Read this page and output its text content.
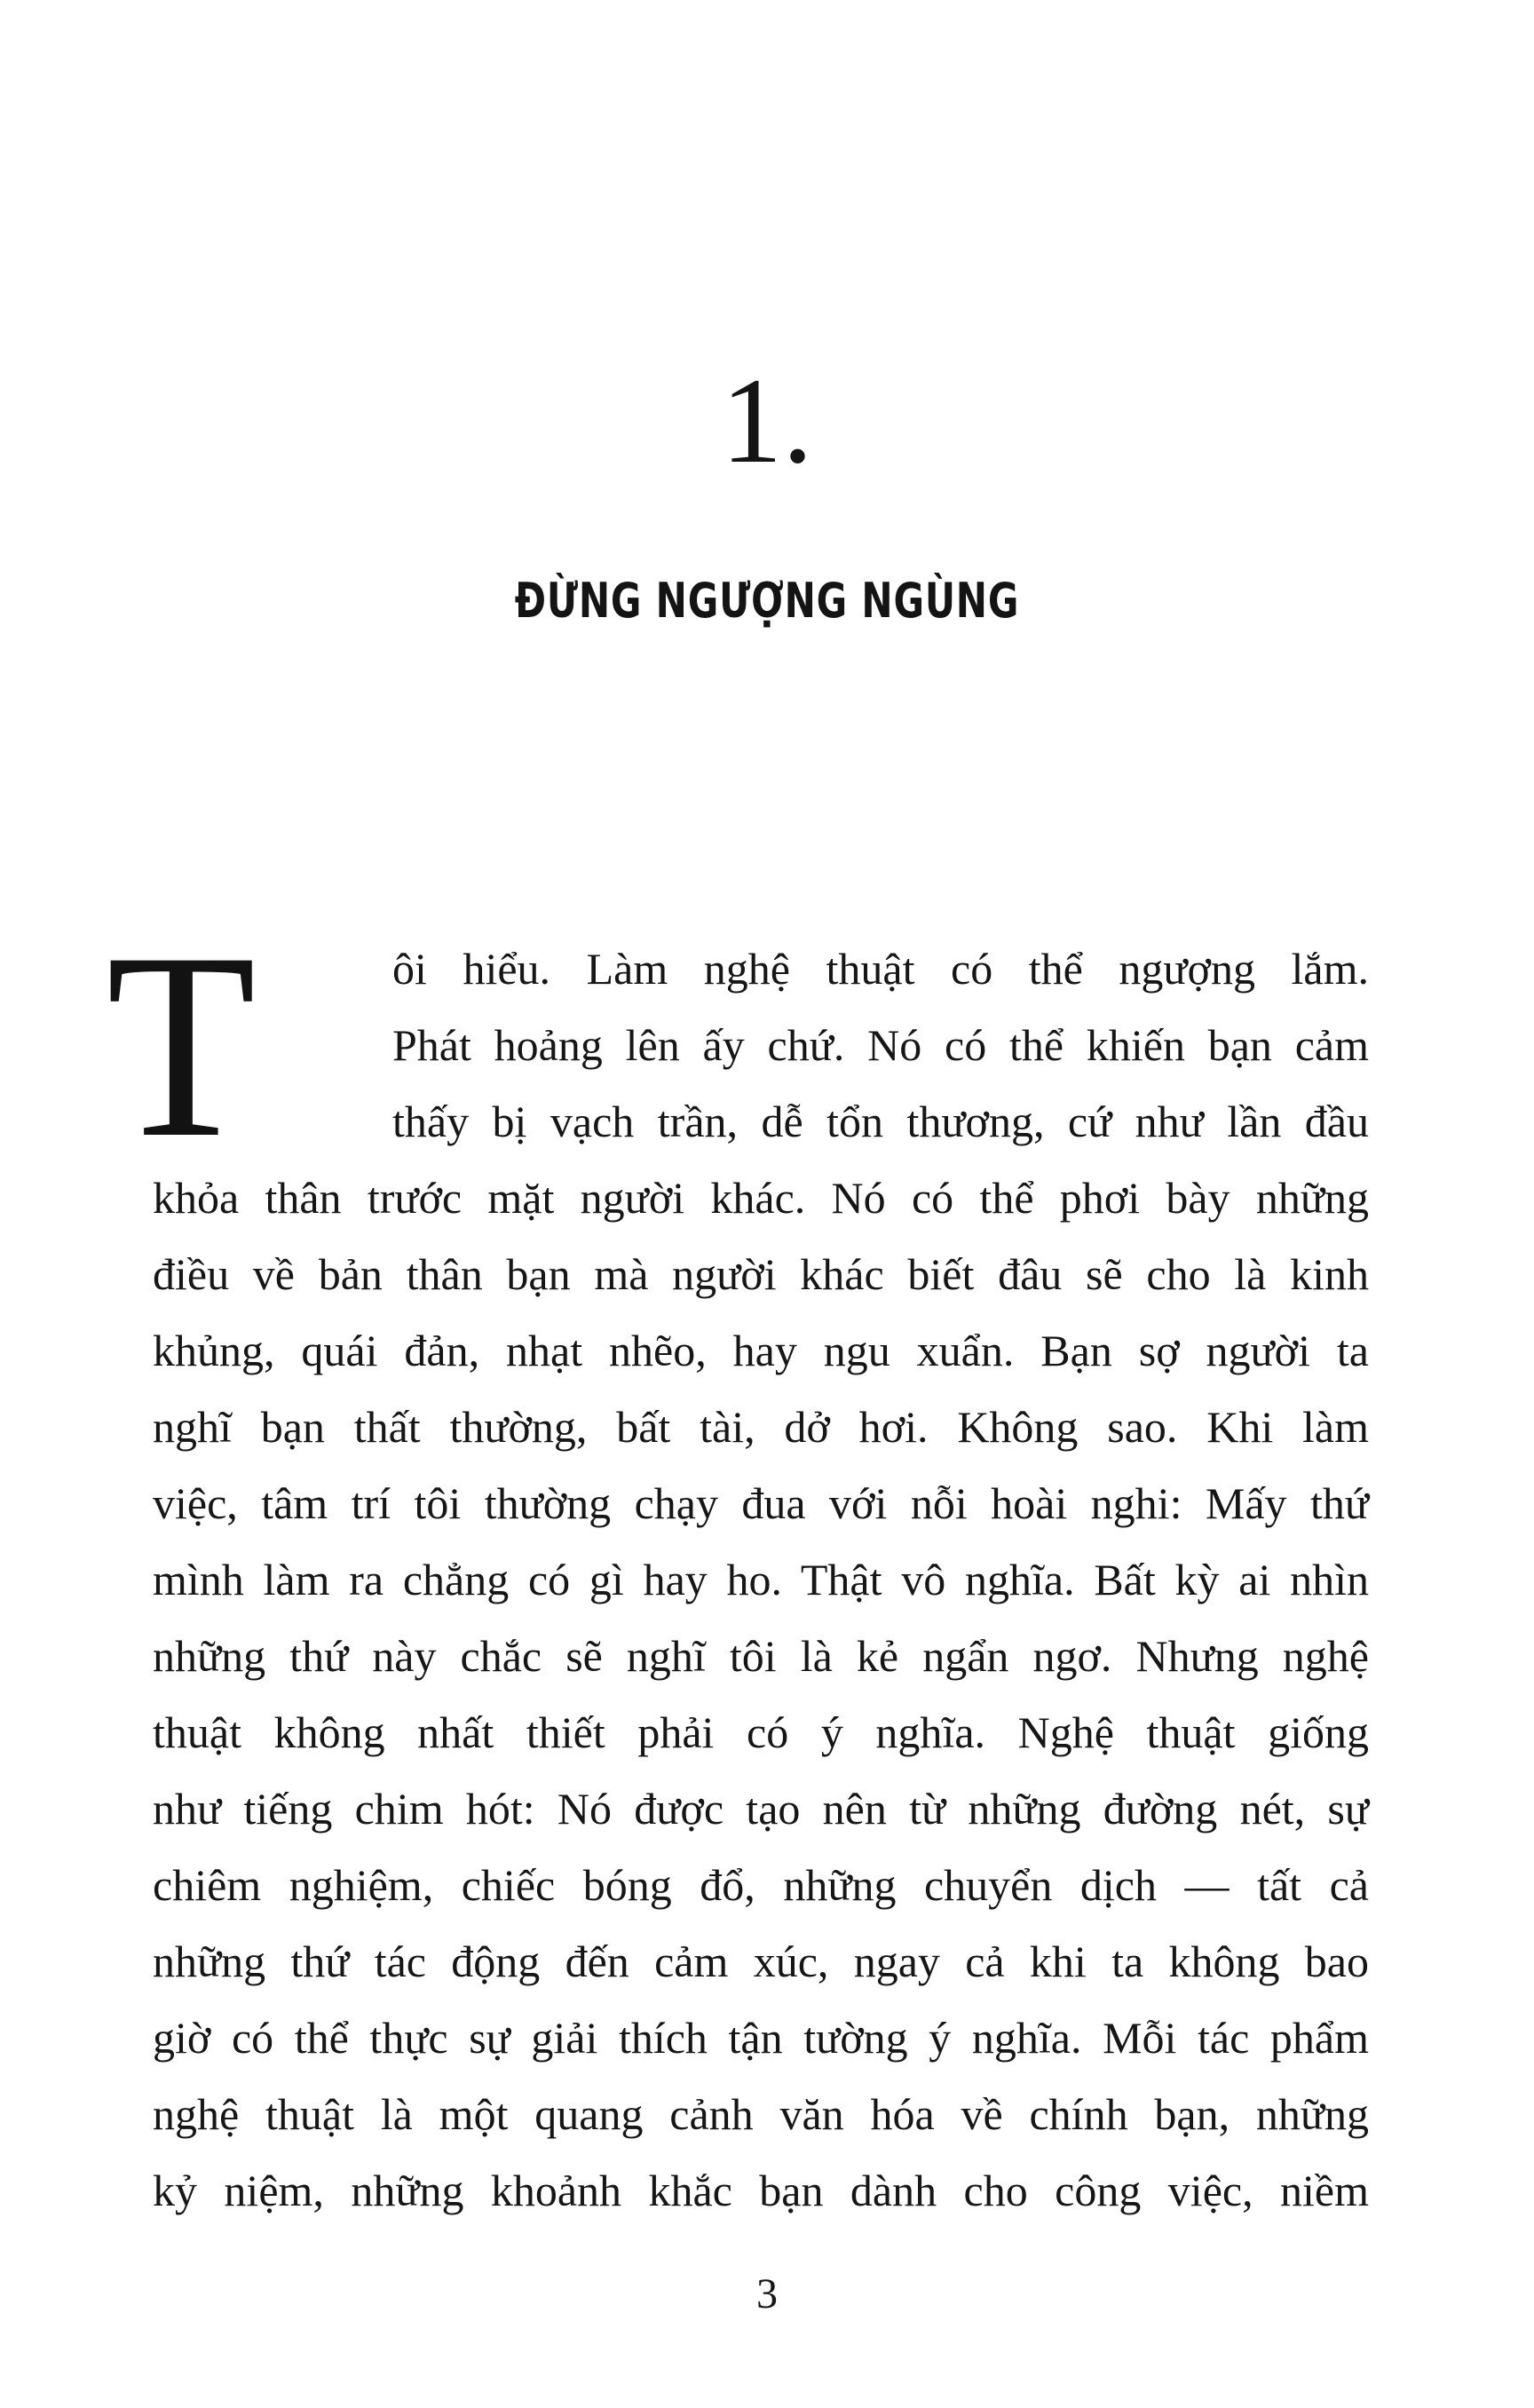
1.
ĐỪNG NGƯỢNG NGÙNG
T	ôi hiểu. Làm nghệ thuật có thể ngượng lắm.
Phát hoảng lên ấy chứ. Nó có thể khiến bạn cảm
thấy bị vạch trần, dễ tổn thương, cứ như lần đầu
khỏa thân trước mặt người khác. Nó có thể phơi bày những
điều về bản thân bạn mà người khác biết đâu sẽ cho là kinh
khủng, quái đản, nhạt nhẽo, hay ngu xuẩn. Bạn sợ người ta
nghĩ bạn thất thường, bất tài, dở hơi. Không sao. Khi làm
việc, tâm trí tôi thường chạy đua với nỗi hoài nghi: Mấy thứ
mình làm ra chẳng có gì hay ho. Thật vô nghĩa. Bất kỳ ai nhìn
những thứ này chắc sẽ nghĩ tôi là kẻ ngẩn ngơ. Nhưng nghệ
thuật không nhất thiết phải có ý nghĩa. Nghệ thuật giống
như tiếng chim hót: Nó được tạo nên từ những đường nét, sự
chiêm nghiệm, chiếc bóng đổ, những chuyển dịch — tất cả
những thứ tác động đến cảm xúc, ngay cả khi ta không bao
giờ có thể thực sự giải thích tận tường ý nghĩa. Mỗi tác phẩm
nghệ thuật là một quang cảnh văn hóa về chính bạn, những
kỷ niệm, những khoảnh khắc bạn dành cho công việc, niềm
3
